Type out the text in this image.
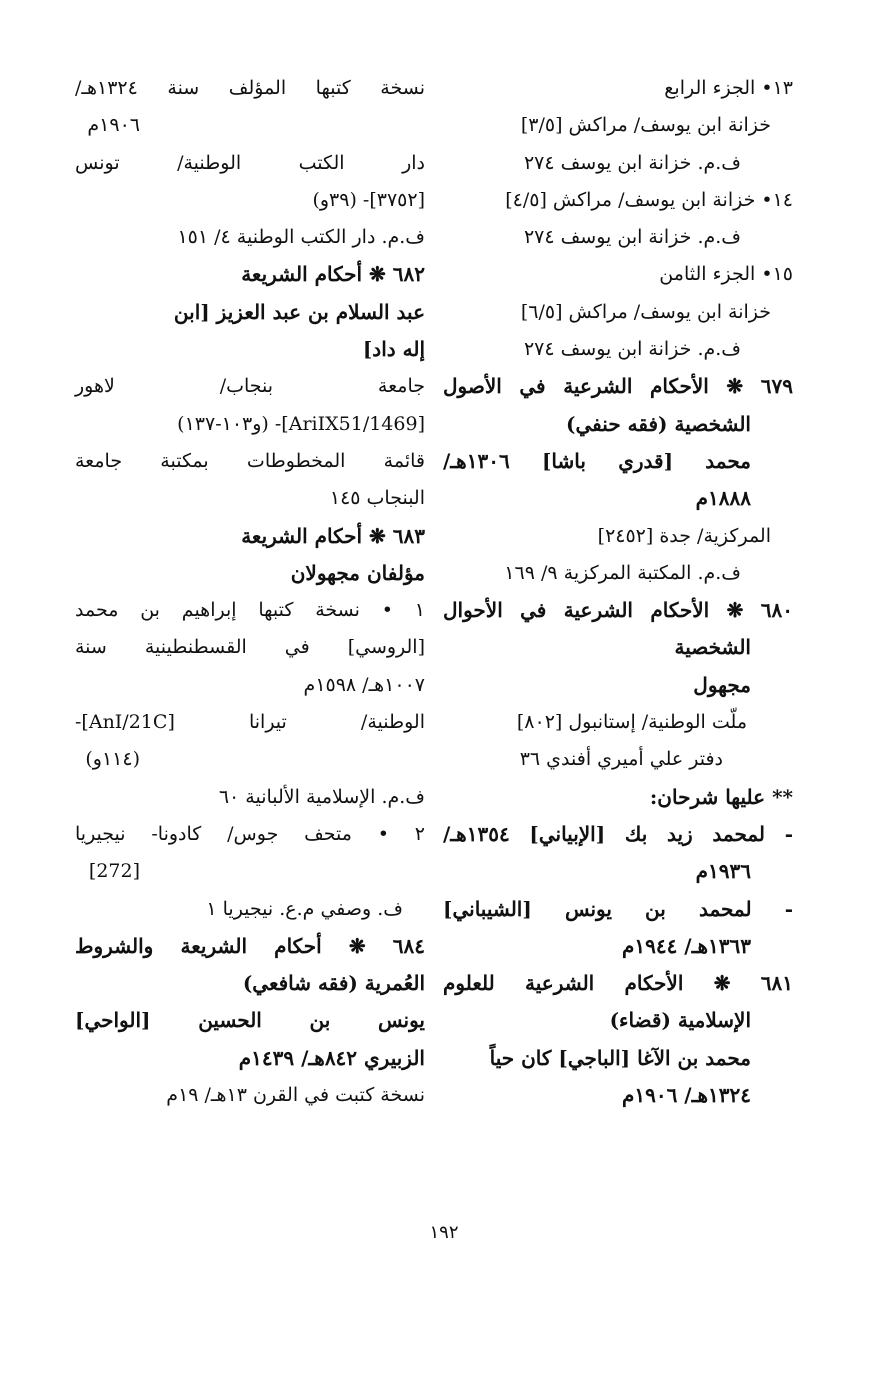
١٣• الجزء الرابع
خزانة ابن يوسف/ مراكش [٣/٥]
ف.م. خزانة ابن يوسف ٢٧٤
١٤• خزانة ابن يوسف/ مراكش [٤/٥]
ف.م. خزانة ابن يوسف ٢٧٤
١٥• الجزء الثامن
خزانة ابن يوسف/ مراكش [٦/٥]
ف.م. خزانة ابن يوسف ٢٧٤
٦٧٩ ❋ الأحكام الشرعية في الأصول
الشخصية (فقه حنفي)
محمد [قدري باشا] ١٣٠٦هـ/
١٨٨٨م
المركزية/ جدة [٢٤٥٢]
ف.م. المكتبة المركزية ٩/ ١٦٩
٦٨٠ ❋ الأحكام الشرعية في الأحوال
الشخصية
مجهول
ملّت الوطنية/ إستانبول [٨٠٢]
دفتر علي أميري أفندي ٣٦
** عليها شرحان:
- لمحمد زيد بك [الإبياني] ١٣٥٤هـ/
١٩٣٦م
- لمحمد بن يونس [الشيباني]
١٣٦٣هـ/ ١٩٤٤م
٦٨١ ❋ الأحكام الشرعية للعلوم
الإسلامية (قضاء)
محمد بن الآغا [الباجي] كان حياً
١٣٢٤هـ/ ١٩٠٦م
نسخة كتبها المؤلف سنة ١٣٢٤هـ/
١٩٠٦م
دار الكتب الوطنية/ تونس
[٣٧٥٢]- (٣٩و)
ف.م. دار الكتب الوطنية ٤/ ١٥١
٦٨٢ ❋ أحكام الشريعة
عبد السلام بن عبد العزيز [ابن
إله داد]
جامعة بنجاب/ لاهور
[1469/AriIX51]- (و١٠٣-١٣٧)
قائمة المخطوطات بمكتبة جامعة
البنجاب ١٤٥
٦٨٣ ❋ أحكام الشريعة
مؤلفان مجهولان
١ • نسخة كتبها إبراهيم بن محمد
[الروسي] في القسطنطينية سنة
١٠٠٧هـ/ ١٥٩٨م
الوطنية/ تيرانا [AnI/21C]-
(١١٤و)
ف.م. الإسلامية الألبانية ٦٠
٢ • متحف جوس/ كادونا- نيجيريا
[272]
ف. وصفي م.ع. نيجيريا ١
٦٨٤ ❋ أحكام الشريعة والشروط
العُمرية (فقه شافعي)
يونس بن الحسين [الواحي]
الزبيري ٨٤٢هـ/ ١٤٣٩م
نسخة كتبت في القرن ١٣هـ/ ١٩م
١٩٢
